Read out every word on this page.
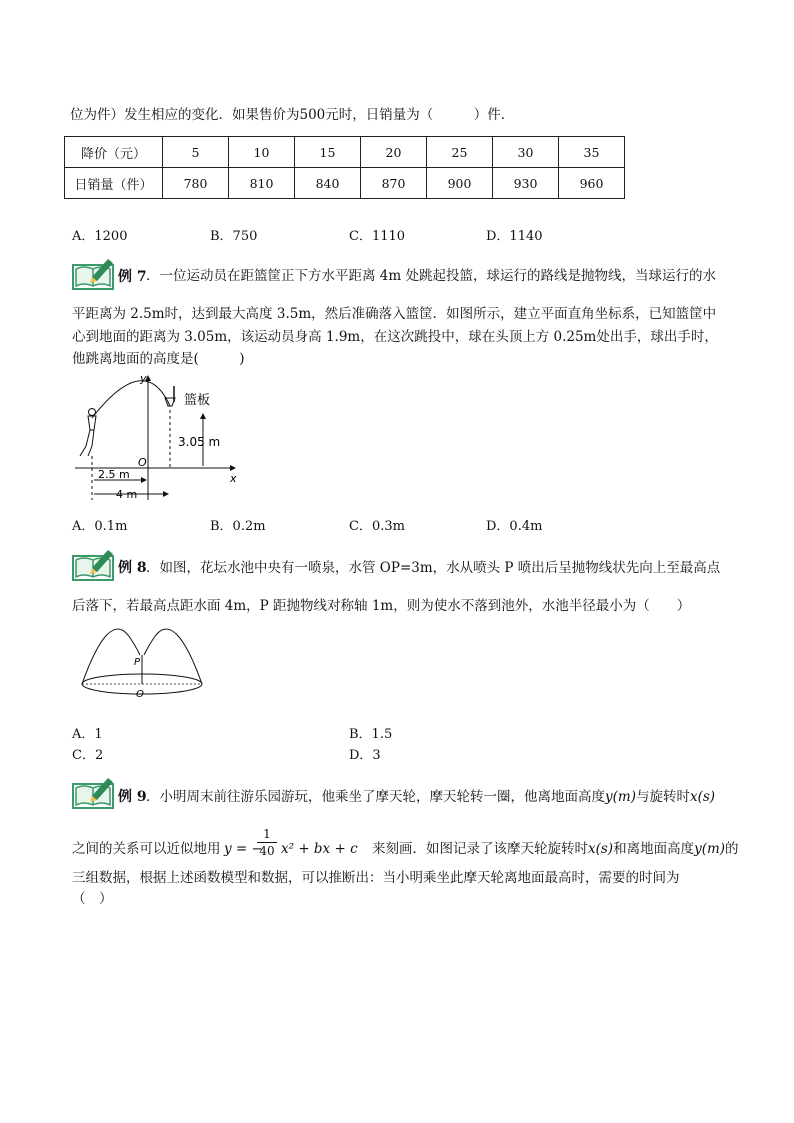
位为件）发生相应的变化．如果售价为500元时，日销量为（　　　）件．
降价（元）	5	10	15	20	25	30	35
日销量（件）	780	810	840	870	900	930	960
A．1200	B．750	C．1110	D．1140
例 7 ．一位运动员在距篮筐正下方水平距离 4m 处跳起投篮，球运行的路线是抛物线，当球运行的水
平距离为 2.5m时，达到最大高度 3.5m，然后准确落入篮筐．如图所示，建立平面直角坐标系，已知篮筐中
心到地面的距离为 3.05m，该运动员身高 1.9m，在这次跳投中，球在头顶上方 0.25m处出手，球出手时，
他跳离地面的高度是(　　　)
y
x
O
篮板
3.05 m
2.5 m
4 m
A．0.1m	B．0.2m	C．0.3m	D．0.4m
例 8 ．如图，花坛水池中央有一喷泉，水管 OP=3m，水从喷头 P 喷出后呈抛物线状先向上至最高点
后落下，若最高点距水面 4m，P 距抛物线对称轴 1m，则为使水不落到池外，水池半径最小为（　　）
P
O
A．1	B．1.5
C．2	D．3
例 9 ．小明周末前往游乐园游玩，他乘坐了摩天轮，摩天轮转一圈，他离地面高度y(m)与旋转时x(s)
之间的关系可以近似地用 y = −
$\frac{1}{40} x^2$ + bx + c 来刻画．如图记录了该摩天轮旋转时x(s)和离地面高度y(m)的
三组数据，根据上述函数模型和数据，可以推断出：当小明乘坐此摩天轮离地面最高时，需要的时间为
（　）
